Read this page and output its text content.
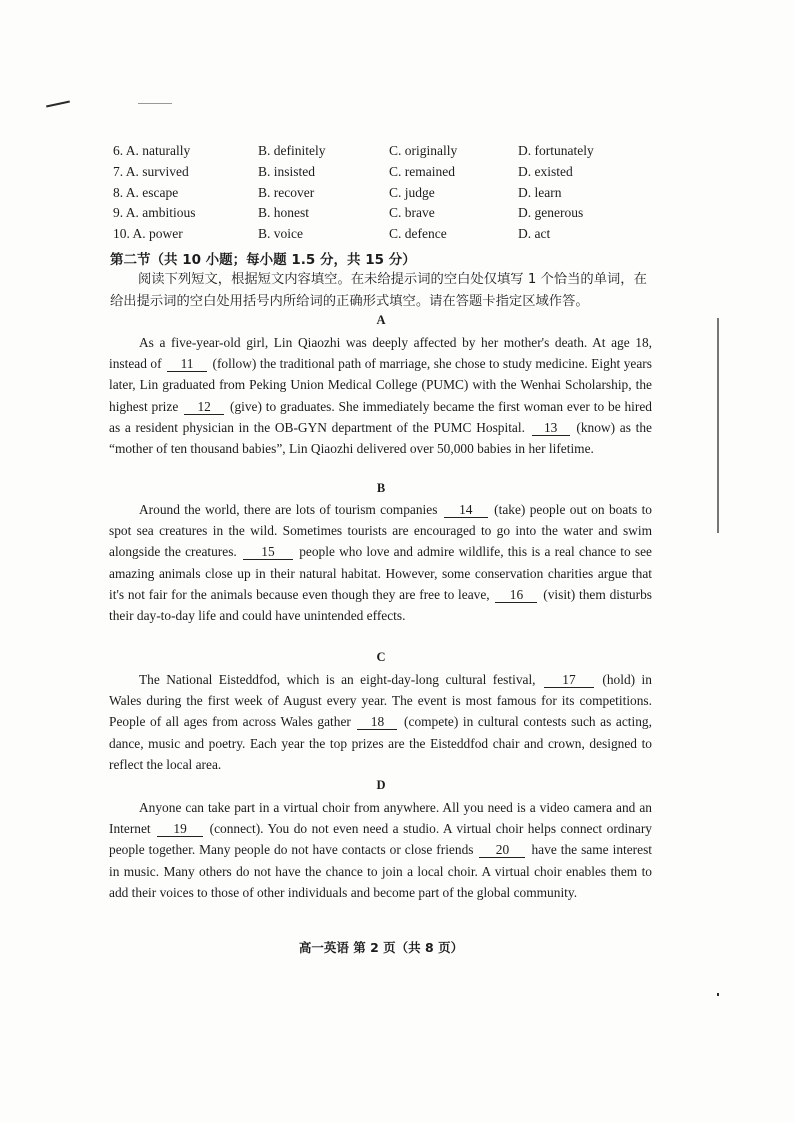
6. A. naturally	B. definitely	C. originally	D. fortunately
7. A. survived	B. insisted	C. remained	D. existed
8. A. escape	B. recover	C. judge	D. learn
9. A. ambitious	B. honest	C. brave	D. generous
10. A. power	B. voice	C. defence	D. act
第二节（共 10 小题；每小题 1.5 分，共 15 分）
阅读下列短文，根据短文内容填空。在未给提示词的空白处仅填写 1 个恰当的单词，在给出提示词的空白处用括号内所给词的正确形式填空。请在答题卡指定区域作答。
A
As a five-year-old girl, Lin Qiaozhi was deeply affected by her mother's death. At age 18, instead of 11 (follow) the traditional path of marriage, she chose to study medicine. Eight years later, Lin graduated from Peking Union Medical College (PUMC) with the Wenhai Scholarship, the highest prize 12 (give) to graduates. She immediately became the first woman ever to be hired as a resident physician in the OB-GYN department of the PUMC Hospital. 13 (know) as the “mother of ten thousand babies”, Lin Qiaozhi delivered over 50,000 babies in her lifetime.
B
Around the world, there are lots of tourism companies 14 (take) people out on boats to spot sea creatures in the wild. Sometimes tourists are encouraged to go into the water and swim alongside the creatures. 15 people who love and admire wildlife, this is a real chance to see amazing animals close up in their natural habitat. However, some conservation charities argue that it's not fair for the animals because even though they are free to leave, 16 (visit) them disturbs their day-to-day life and could have unintended effects.
C
The National Eisteddfod, which is an eight-day-long cultural festival, 17 (hold) in Wales during the first week of August every year. The event is most famous for its competitions. People of all ages from across Wales gather 18 (compete) in cultural contests such as acting, dance, music and poetry. Each year the top prizes are the Eisteddfod chair and crown, designed to reflect the local area.
D
Anyone can take part in a virtual choir from anywhere. All you need is a video camera and an Internet 19 (connect). You do not even need a studio. A virtual choir helps connect ordinary people together. Many people do not have contacts or close friends 20 have the same interest in music. Many others do not have the chance to join a local choir. A virtual choir enables them to add their voices to those of other individuals and become part of the global community.
高一英语 第 2 页（共 8 页）
